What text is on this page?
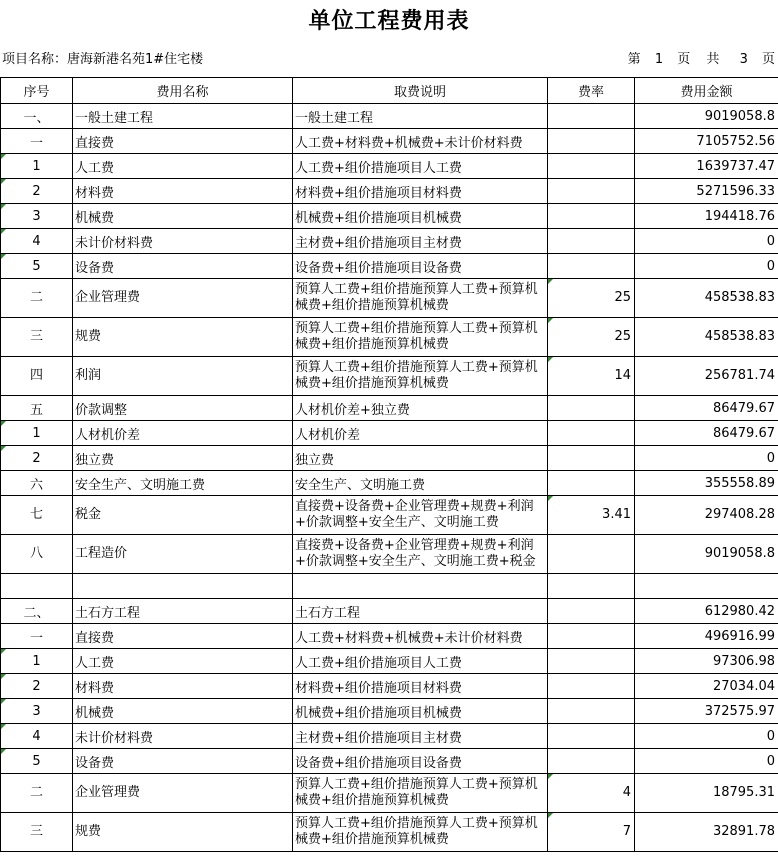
单位工程费用表
项目名称：唐海新港名苑1#住宅楼	第 1 页 共 3 页
序号	费用名称	取费说明	费率	费用金额
一、	一般土建工程	一般土建工程		9019058.8
一	直接费	人工费+材料费+机械费+未计价材料费		7105752.56
1	人工费	人工费+组价措施项目人工费		1639737.47
2	材料费	材料费+组价措施项目材料费		5271596.33
3	机械费	机械费+组价措施项目机械费		194418.76
4	未计价材料费	主材费+组价措施项目主材费		0
5	设备费	设备费+组价措施项目设备费		0
二	企业管理费	预算人工费+组价措施预算人工费+预算机械费+组价措施预算机械费	25	458538.83
三	规费	预算人工费+组价措施预算人工费+预算机械费+组价措施预算机械费	25	458538.83
四	利润	预算人工费+组价措施预算人工费+预算机械费+组价措施预算机械费	14	256781.74
五	价款调整	人材机价差+独立费		86479.67
1	人材机价差	人材机价差		86479.67
2	独立费	独立费		0
六	安全生产、文明施工费	安全生产、文明施工费		355558.89
七	税金	直接费+设备费+企业管理费+规费+利润+价款调整+安全生产、文明施工费	3.41	297408.28
八	工程造价	直接费+设备费+企业管理费+规费+利润+价款调整+安全生产、文明施工费+税金		9019058.8

二、	土石方工程	土石方工程		612980.42
一	直接费	人工费+材料费+机械费+未计价材料费		496916.99
1	人工费	人工费+组价措施项目人工费		97306.98
2	材料费	材料费+组价措施项目材料费		27034.04
3	机械费	机械费+组价措施项目机械费		372575.97
4	未计价材料费	主材费+组价措施项目主材费		0
5	设备费	设备费+组价措施项目设备费		0
二	企业管理费	预算人工费+组价措施预算人工费+预算机械费+组价措施预算机械费	4	18795.31
三	规费	预算人工费+组价措施预算人工费+预算机械费+组价措施预算机械费	7	32891.78
